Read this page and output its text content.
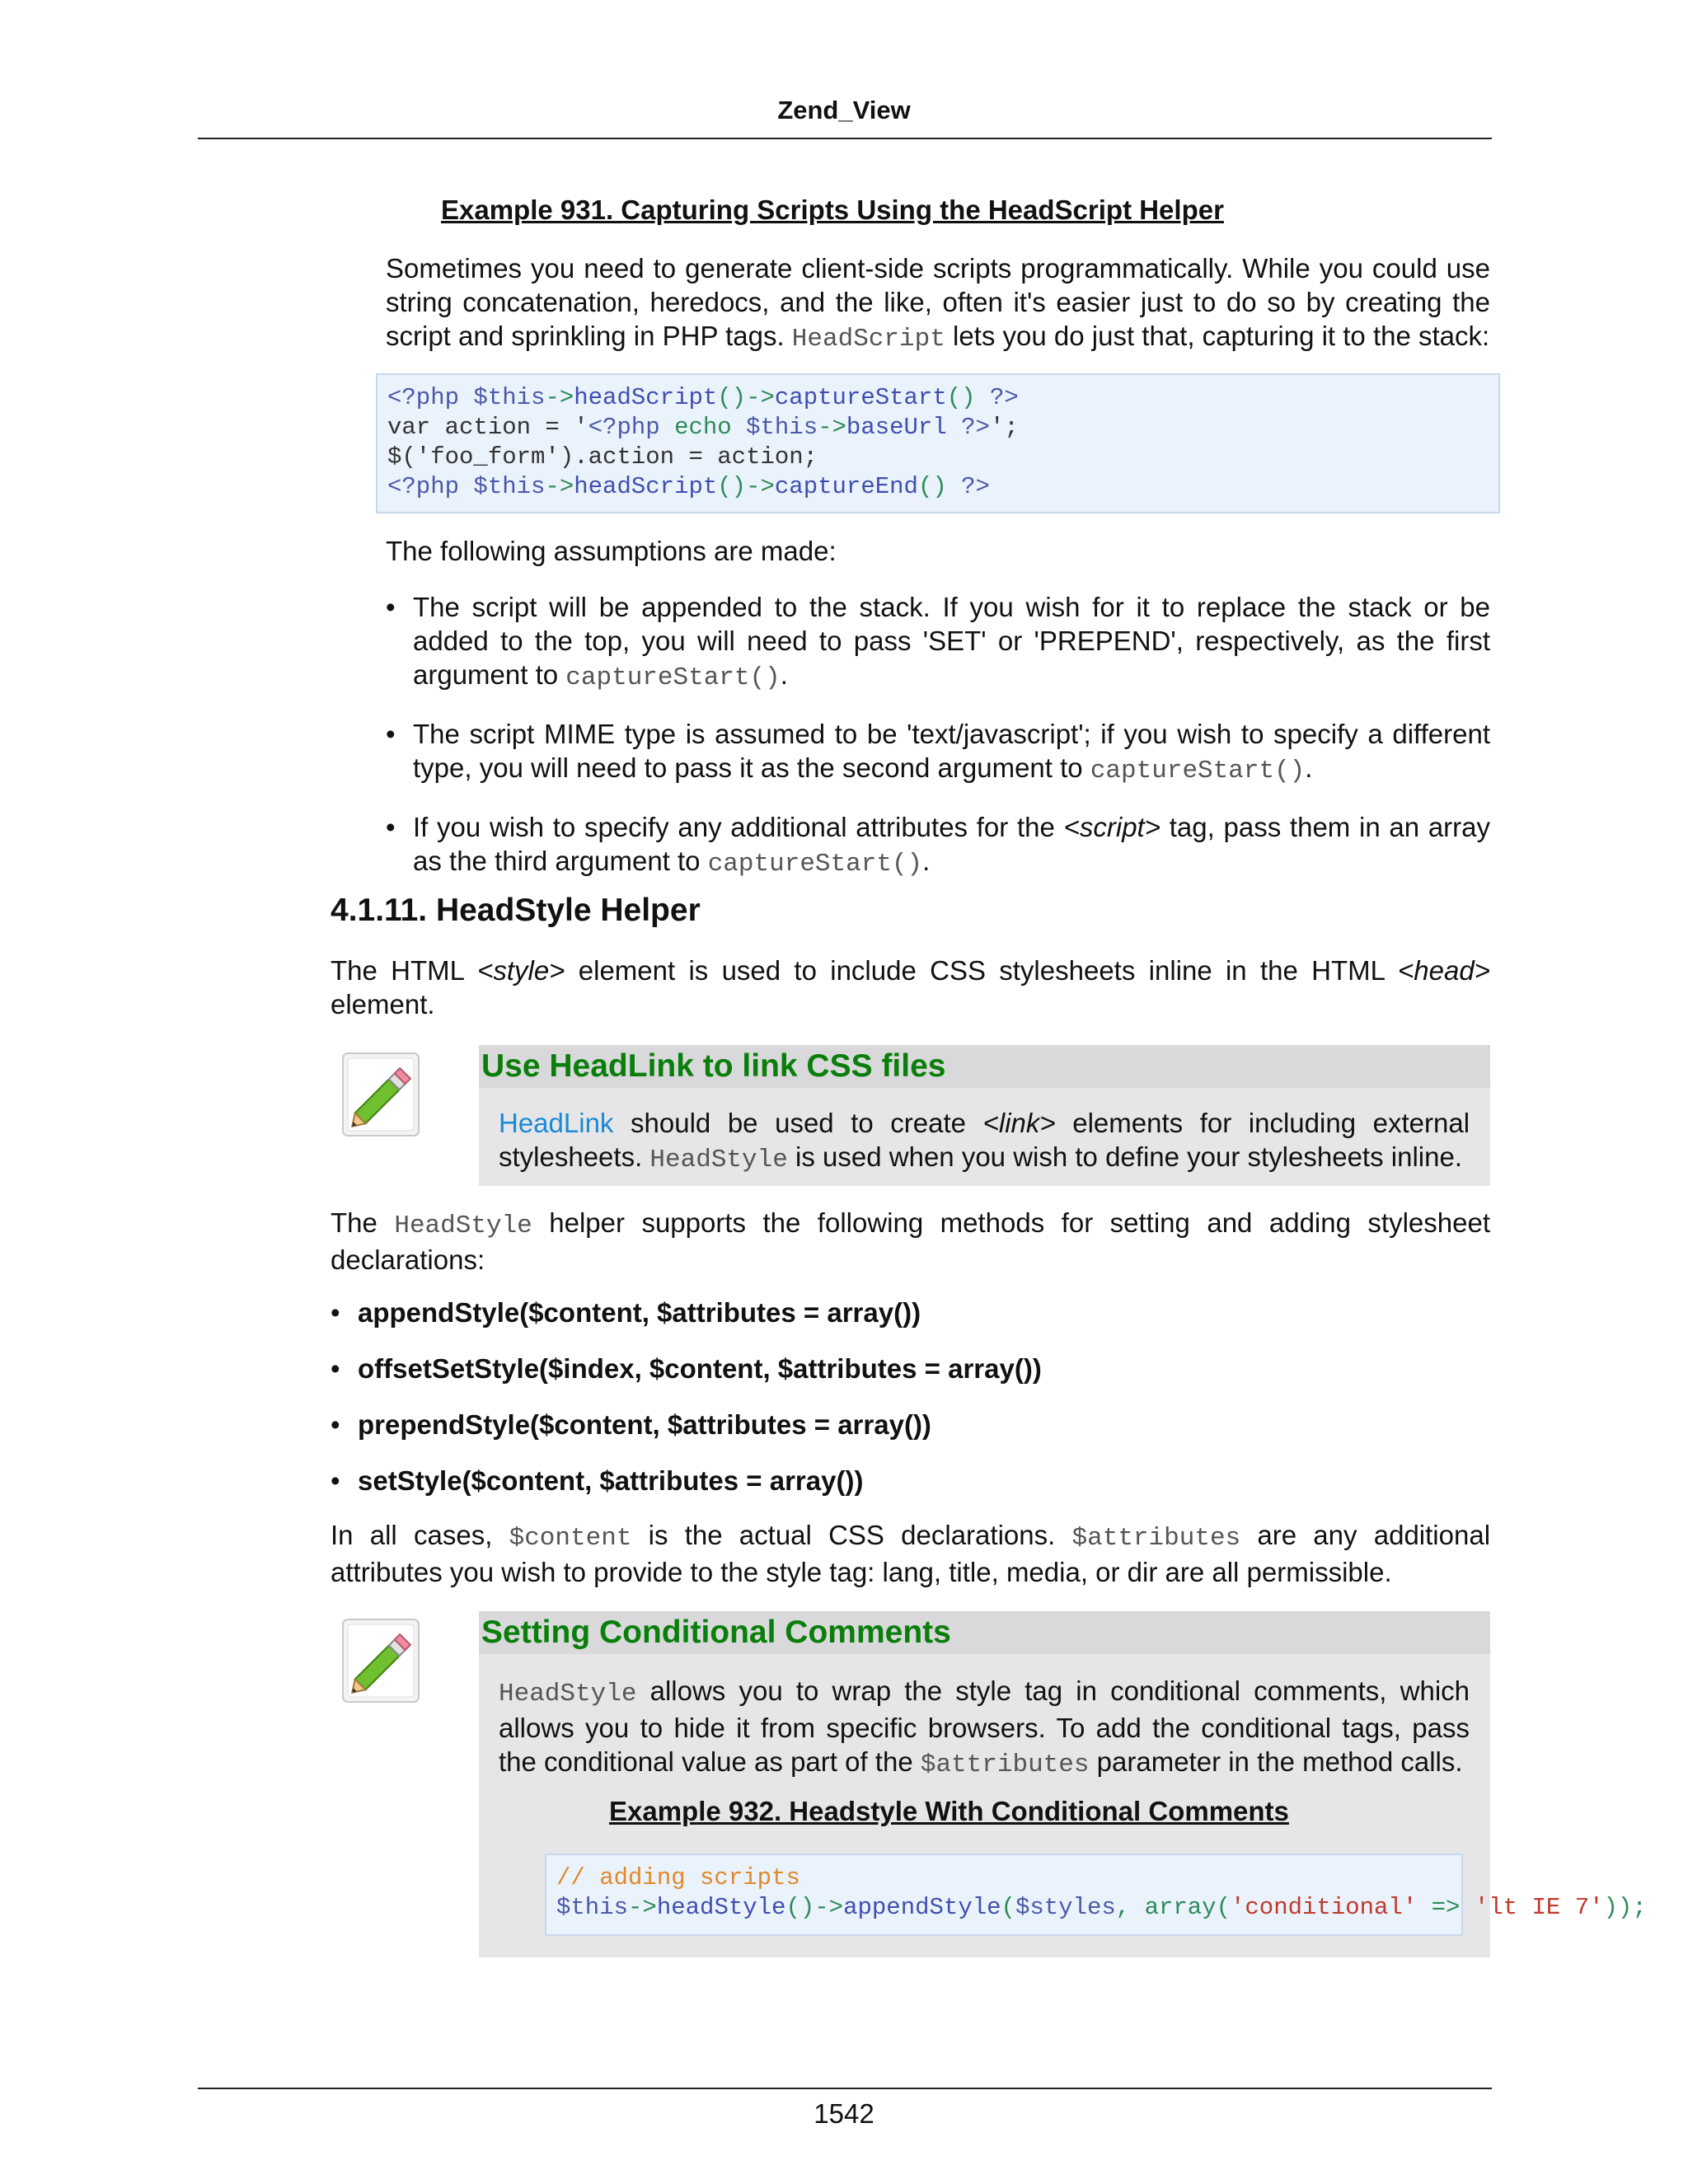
Zend_View
Example 931. Capturing Scripts Using the HeadScript Helper
Sometimes you need to generate client-side scripts programmatically. While you could use string concatenation, heredocs, and the like, often it's easier just to do so by creating the script and sprinkling in PHP tags. HeadScript lets you do just that, capturing it to the stack:
<?php $this->headScript()->captureStart() ?>
var action = '<?php echo $this->baseUrl ?>';
$('foo_form').action = action;
<?php $this->headScript()->captureEnd() ?>
The following assumptions are made:
• The script will be appended to the stack. If you wish for it to replace the stack or be added to the top, you will need to pass 'SET' or 'PREPEND', respectively, as the first argument to captureStart().
• The script MIME type is assumed to be 'text/javascript'; if you wish to specify a different type, you will need to pass it as the second argument to captureStart().
• If you wish to specify any additional attributes for the <script> tag, pass them in an array as the third argument to captureStart().
4.1.11. HeadStyle Helper
The HTML <style> element is used to include CSS stylesheets inline in the HTML <head> element.
Use HeadLink to link CSS files
HeadLink should be used to create <link> elements for including external stylesheets. HeadStyle is used when you wish to define your stylesheets inline.
The HeadStyle helper supports the following methods for setting and adding stylesheet declarations:
• appendStyle($content, $attributes = array())
• offsetSetStyle($index, $content, $attributes = array())
• prependStyle($content, $attributes = array())
• setStyle($content, $attributes = array())
In all cases, $content is the actual CSS declarations. $attributes are any additional attributes you wish to provide to the style tag: lang, title, media, or dir are all permissible.
Setting Conditional Comments
HeadStyle allows you to wrap the style tag in conditional comments, which allows you to hide it from specific browsers. To add the conditional tags, pass the conditional value as part of the $attributes parameter in the method calls.
Example 932. Headstyle With Conditional Comments
// adding scripts
$this->headStyle()->appendStyle($styles, array('conditional' => 'lt IE 7'));
1542
